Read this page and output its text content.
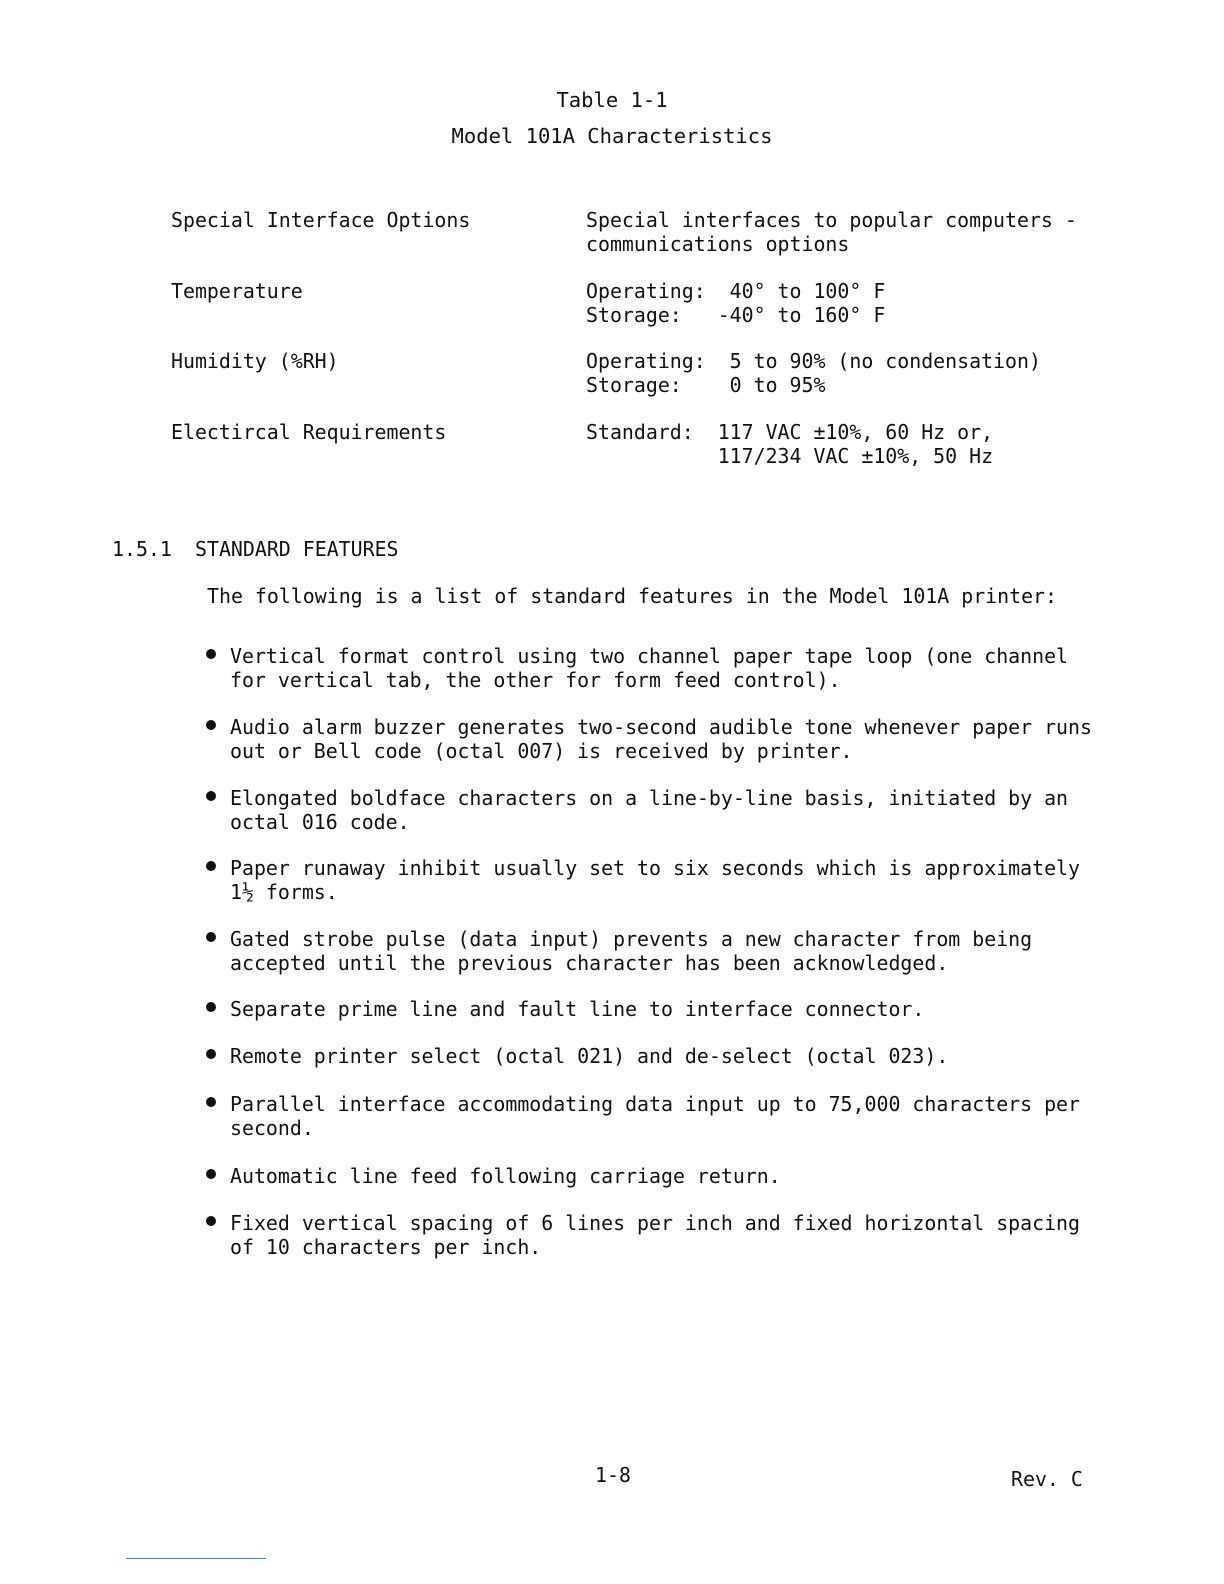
Table 1-1
Model 101A Characteristics
Special Interface Options	Special interfaces to popular computers -
communications options
Temperature	Operating:  40° to 100° F
Storage:   -40° to 160° F
Humidity (%RH)	Operating:  5 to 90% (no condensation)
Storage:    0 to 95%
Electircal Requirements	Standard:  117 VAC ±10%, 60 Hz or,
117/234 VAC ±10%, 50 Hz
1.5.1 STANDARD FEATURES
The following is a list of standard features in the Model 101A printer:
Vertical format control using two channel paper tape loop (one channel
for vertical tab, the other for form feed control).
Audio alarm buzzer generates two-second audible tone whenever paper runs
out or Bell code (octal 007) is received by printer.
Elongated boldface characters on a line-by-line basis, initiated by an
octal 016 code.
Paper runaway inhibit usually set to six seconds which is approximately
1½ forms.
Gated strobe pulse (data input) prevents a new character from being
accepted until the previous character has been acknowledged.
Separate prime line and fault line to interface connector.
Remote printer select (octal 021) and de-select (octal 023).
Parallel interface accommodating data input up to 75,000 characters per
second.
Automatic line feed following carriage return.
Fixed vertical spacing of 6 lines per inch and fixed horizontal spacing
of 10 characters per inch.
1-8	Rev. C
